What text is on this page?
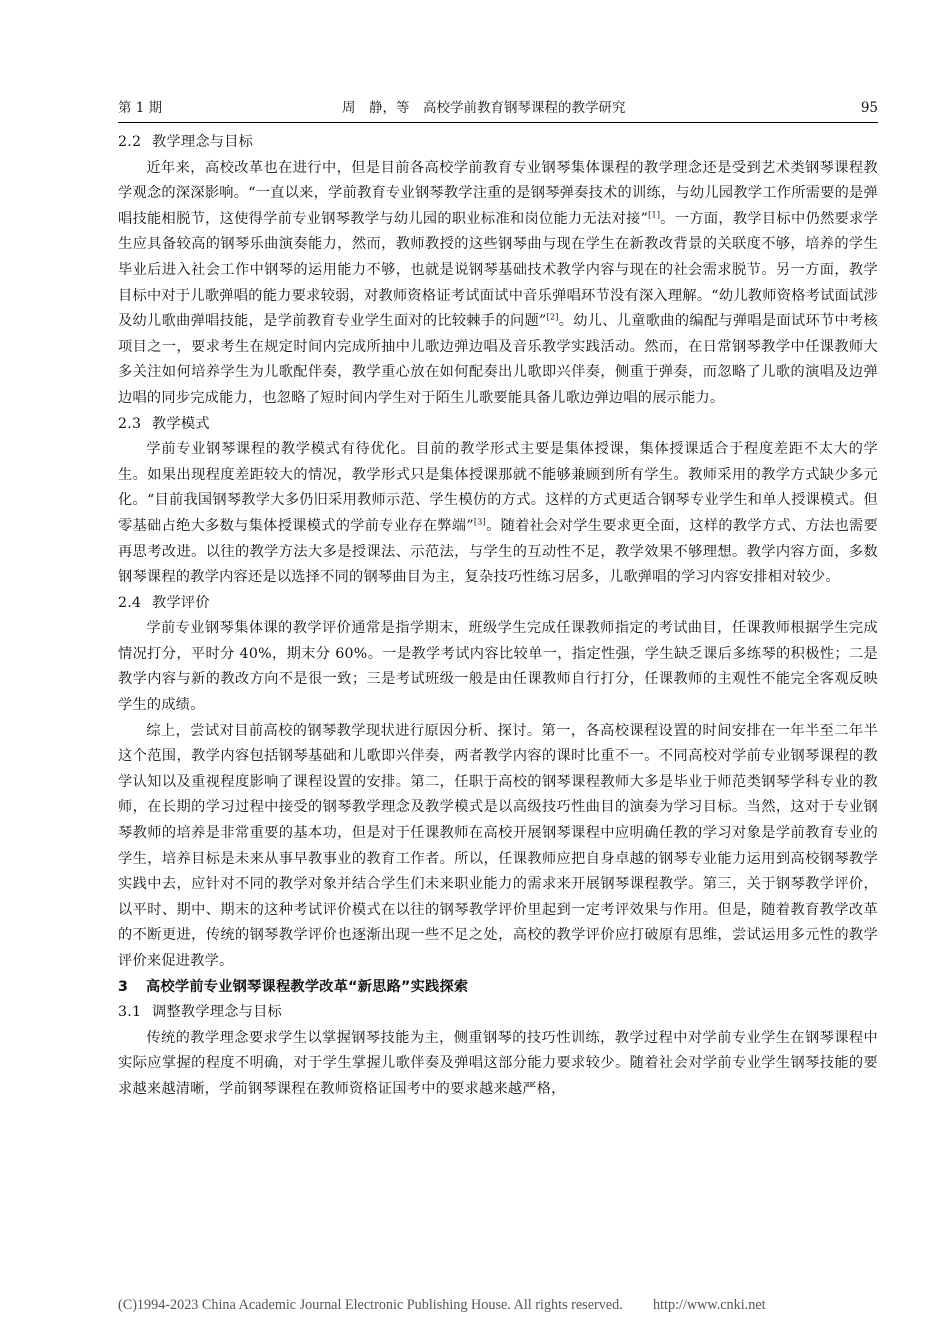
第 1 期	周　静，等　高校学前教育钢琴课程的教学研究	95
2.2 教学理念与目标

近年来，高校改革也在进行中，但是目前各高校学前教育专业钢琴集体课程的教学理念还是受到艺术类钢琴课程教学观念的深深影响。“一直以来，学前教育专业钢琴教学注重的是钢琴弹奏技术的训练，与幼儿园教学工作所需要的是弹唱技能相脱节，这使得学前专业钢琴教学与幼儿园的职业标准和岗位能力无法对接”[1]。一方面，教学目标中仍然要求学生应具备较高的钢琴乐曲演奏能力，然而，教师教授的这些钢琴曲与现在学生在新教改背景的关联度不够，培养的学生毕业后进入社会工作中钢琴的运用能力不够，也就是说钢琴基础技术教学内容与现在的社会需求脱节。另一方面，教学目标中对于儿歌弹唱的能力要求较弱，对教师资格证考试面试中音乐弹唱环节没有深入理解。“幼儿教师资格考试面试涉及幼儿歌曲弹唱技能，是学前教育专业学生面对的比较棘手的问题”[2]。幼儿、儿童歌曲的编配与弹唱是面试环节中考核项目之一，要求考生在规定时间内完成所抽中儿歌边弹边唱及音乐教学实践活动。然而，在日常钢琴教学中任课教师大多关注如何培养学生为儿歌配伴奏，教学重心放在如何配奏出儿歌即兴伴奏，侧重于弹奏，而忽略了儿歌的演唱及边弹边唱的同步完成能力，也忽略了短时间内学生对于陌生儿歌要能具备儿歌边弹边唱的展示能力。

2.3 教学模式

学前专业钢琴课程的教学模式有待优化。目前的教学形式主要是集体授课，集体授课适合于程度差距不太大的学生。如果出现程度差距较大的情况，教学形式只是集体授课那就不能够兼顾到所有学生。教师采用的教学方式缺少多元化。“目前我国钢琴教学大多仍旧采用教师示范、学生模仿的方式。这样的方式更适合钢琴专业学生和单人授课模式。但零基础占绝大多数与集体授课模式的学前专业存在弊端”[3]。随着社会对学生要求更全面，这样的教学方式、方法也需要再思考改进。以往的教学方法大多是授课法、示范法，与学生的互动性不足，教学效果不够理想。教学内容方面，多数钢琴课程的教学内容还是以选择不同的钢琴曲目为主，复杂技巧性练习居多，儿歌弹唱的学习内容安排相对较少。

2.4 教学评价

学前专业钢琴集体课的教学评价通常是指学期末，班级学生完成任课教师指定的考试曲目，任课教师根据学生完成情况打分，平时分 40%，期末分 60%。一是教学考试内容比较单一，指定性强，学生缺乏课后多练琴的积极性；二是教学内容与新的教改方向不是很一致；三是考试班级一般是由任课教师自行打分，任课教师的主观性不能完全客观反映学生的成绩。

综上，尝试对目前高校的钢琴教学现状进行原因分析、探讨。第一，各高校课程设置的时间安排在一年半至二年半这个范围，教学内容包括钢琴基础和儿歌即兴伴奏，两者教学内容的课时比重不一。不同高校对学前专业钢琴课程的教学认知以及重视程度影响了课程设置的安排。第二，任职于高校的钢琴课程教师大多是毕业于师范类钢琴学科专业的教师，在长期的学习过程中接受的钢琴教学理念及教学模式是以高级技巧性曲目的演奏为学习目标。当然，这对于专业钢琴教师的培养是非常重要的基本功，但是对于任课教师在高校开展钢琴课程中应明确任教的学习对象是学前教育专业的学生，培养目标是未来从事早教事业的教育工作者。所以，任课教师应把自身卓越的钢琴专业能力运用到高校钢琴教学实践中去，应针对不同的教学对象并结合学生们未来职业能力的需求来开展钢琴课程教学。第三，关于钢琴教学评价，以平时、期中、期末的这种考试评价模式在以往的钢琴教学评价里起到一定考评效果与作用。但是，随着教育教学改革的不断更进，传统的钢琴教学评价也逐渐出现一些不足之处，高校的教学评价应打破原有思维，尝试运用多元性的教学评价来促进教学。

3 高校学前专业钢琴课程教学改革“新思路”实践探索
3.1 调整教学理念与目标

传统的教学理念要求学生以掌握钢琴技能为主，侧重钢琴的技巧性训练，教学过程中对学前专业学生在钢琴课程中实际应掌握的程度不明确，对于学生掌握儿歌伴奏及弹唱这部分能力要求较少。随着社会对学前专业学生钢琴技能的要求越来越清晰，学前钢琴课程在教师资格证国考中的要求越来越严格，

(C)1994-2023 China Academic Journal Electronic Publishing House. All rights reserved. http://www.cnki.net
